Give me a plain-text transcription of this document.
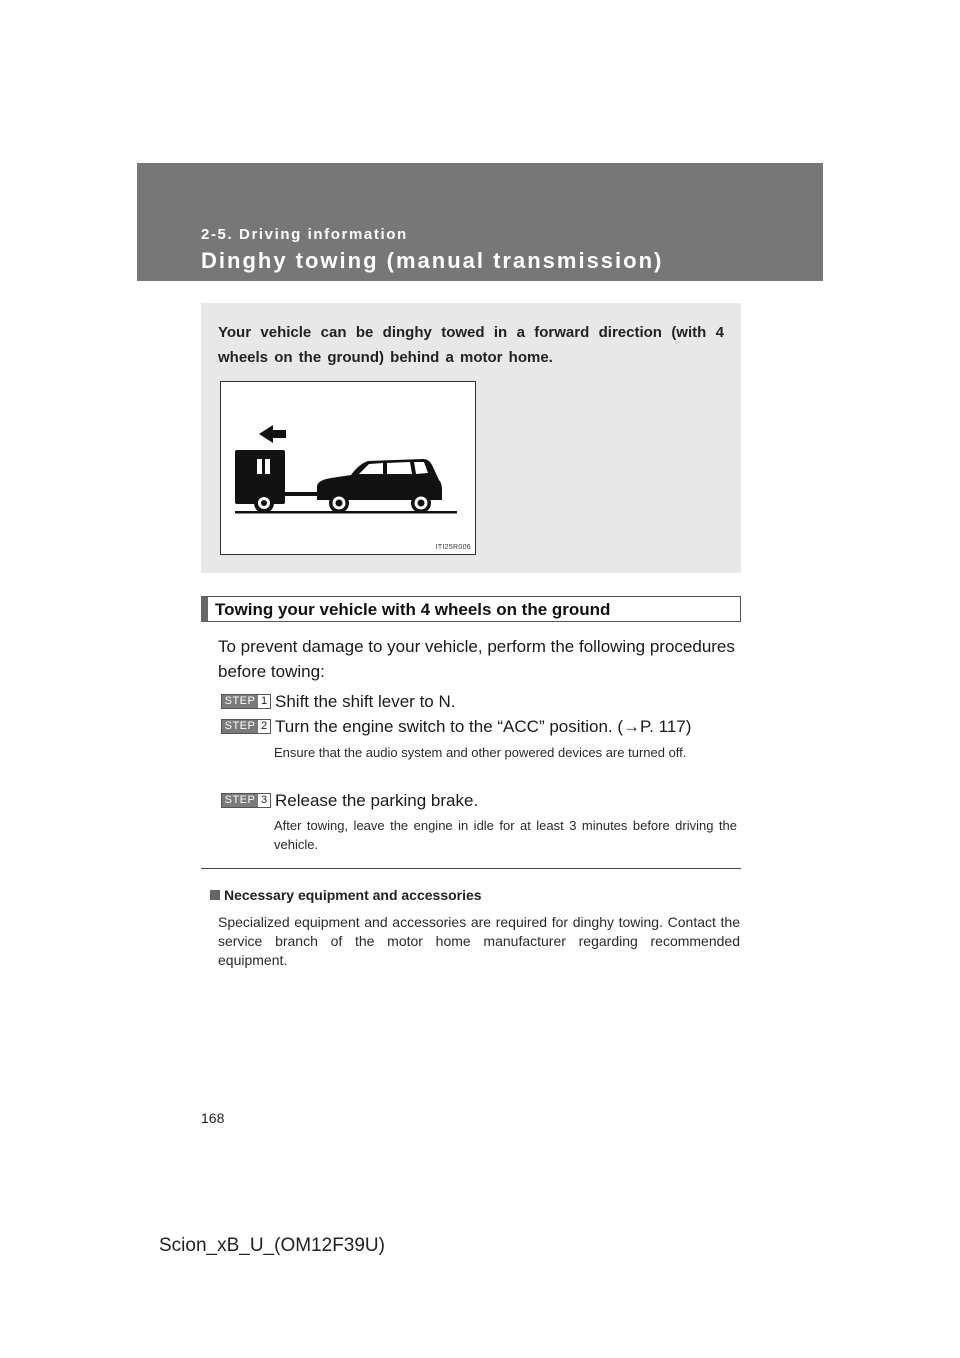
2-5. Driving information
Dinghy towing (manual transmission)
Your vehicle can be dinghy towed in a forward direction (with 4 wheels on the ground) behind a motor home.
ITI25R006
Towing your vehicle with 4 wheels on the ground
To prevent damage to your vehicle, perform the following procedures before towing:
STEP 1 Shift the shift lever to N.
STEP 2 Turn the engine switch to the “ACC” position. (→P. 117)
Ensure that the audio system and other powered devices are turned off.
STEP 3 Release the parking brake.
After towing, leave the engine in idle for at least 3 minutes before driving the vehicle.
Necessary equipment and accessories
Specialized equipment and accessories are required for dinghy towing. Contact the service branch of the motor home manufacturer regarding recommended equipment.
168
Scion_xB_U_(OM12F39U)
